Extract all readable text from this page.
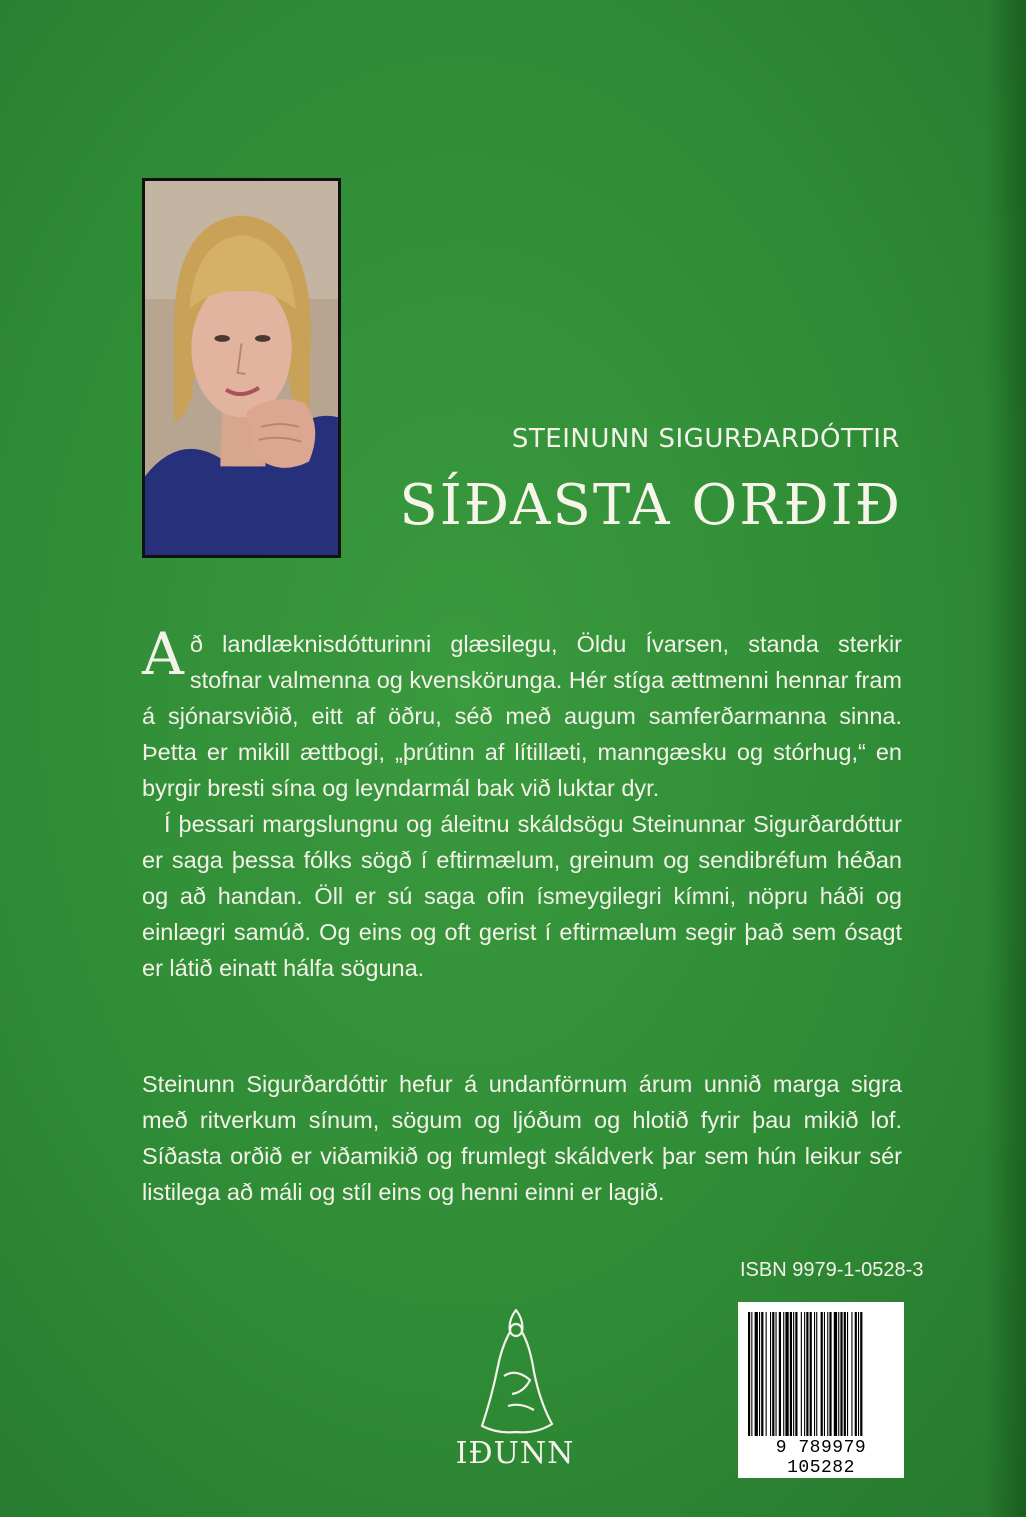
STEINUNN SIGURÐARDÓTTIR
SÍÐASTA ORÐIÐ

Að landlæknisdótturinni glæsilegu, Öldu Ívarsen, standa sterkir stofnar valmenna og kvenskörunga. Hér stíga ættmenni hennar fram á sjónarsviðið, eitt af öðru, séð með augum samferðarmanna sinna. Þetta er mikill ættbogi, „þrútinn af lítillæti, manngæsku og stórhug,“ en byrgir bresti sína og leyndarmál bak við luktar dyr.

Í þessari margslungnu og áleitnu skáldsögu Steinunnar Sigurðardóttur er saga þessa fólks sögð í eftirmælum, greinum og sendibréfum héðan og að handan. Öll er sú saga ofin ísmeygilegri kímni, nöpru háði og einlægri samúð. Og eins og oft gerist í eftirmælum segir það sem ósagt er látið einatt hálfa söguna.

Steinunn Sigurðardóttir hefur á undanförnum árum unnið marga sigra með ritverkum sínum, sögum og ljóðum og hlotið fyrir þau mikið lof. Síðasta orðið er viðamikið og frumlegt skáldverk þar sem hún leikur sér listilega að máli og stíl eins og henni einni er lagið.

ISBN 9979-1-0528-3
9 789979 105282
IÐUNN
